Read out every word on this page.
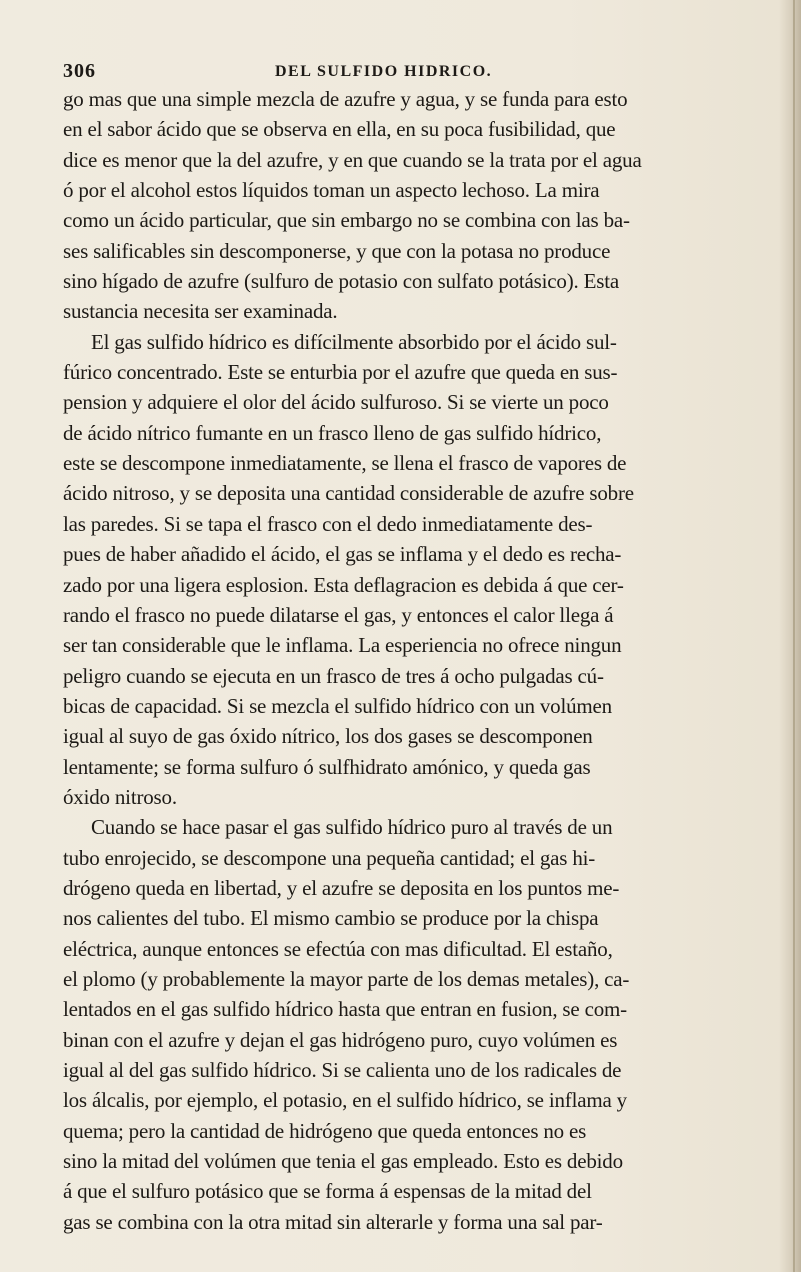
306	DEL SULFIDO HIDRICO.
go mas que una simple mezcla de azufre y agua, y se funda para esto
en el sabor ácido que se observa en ella, en su poca fusibilidad, que
dice es menor que la del azufre, y en que cuando se la trata por el agua
ó por el alcohol estos líquidos toman un aspecto lechoso. La mira
como un ácido particular, que sin embargo no se combina con las ba-
ses salificables sin descomponerse, y que con la potasa no produce
sino hígado de azufre (sulfuro de potasio con sulfato potásico). Esta
sustancia necesita ser examinada.
El gas sulfido hídrico es difícilmente absorbido por el ácido sul-
fúrico concentrado. Este se enturbia por el azufre que queda en sus-
pension y adquiere el olor del ácido sulfuroso. Si se vierte un poco
de ácido nítrico fumante en un frasco lleno de gas sulfido hídrico,
este se descompone inmediatamente, se llena el frasco de vapores de
ácido nitroso, y se deposita una cantidad considerable de azufre sobre
las paredes. Si se tapa el frasco con el dedo inmediatamente des-
pues de haber añadido el ácido, el gas se inflama y el dedo es recha-
zado por una ligera esplosion. Esta deflagracion es debida á que cer-
rando el frasco no puede dilatarse el gas, y entonces el calor llega á
ser tan considerable que le inflama. La esperiencia no ofrece ningun
peligro cuando se ejecuta en un frasco de tres á ocho pulgadas cú-
bicas de capacidad. Si se mezcla el sulfido hídrico con un volúmen
igual al suyo de gas óxido nítrico, los dos gases se descomponen
lentamente; se forma sulfuro ó sulfhidrato amónico, y queda gas
óxido nitroso.
Cuando se hace pasar el gas sulfido hídrico puro al través de un
tubo enrojecido, se descompone una pequeña cantidad; el gas hi-
drógeno queda en libertad, y el azufre se deposita en los puntos me-
nos calientes del tubo. El mismo cambio se produce por la chispa
eléctrica, aunque entonces se efectúa con mas dificultad. El estaño,
el plomo (y probablemente la mayor parte de los demas metales), ca-
lentados en el gas sulfido hídrico hasta que entran en fusion, se com-
binan con el azufre y dejan el gas hidrógeno puro, cuyo volúmen es
igual al del gas sulfido hídrico. Si se calienta uno de los radicales de
los álcalis, por ejemplo, el potasio, en el sulfido hídrico, se inflama y
quema; pero la cantidad de hidrógeno que queda entonces no es
sino la mitad del volúmen que tenia el gas empleado. Esto es debido
á que el sulfuro potásico que se forma á espensas de la mitad del
gas se combina con la otra mitad sin alterarle y forma una sal par-
